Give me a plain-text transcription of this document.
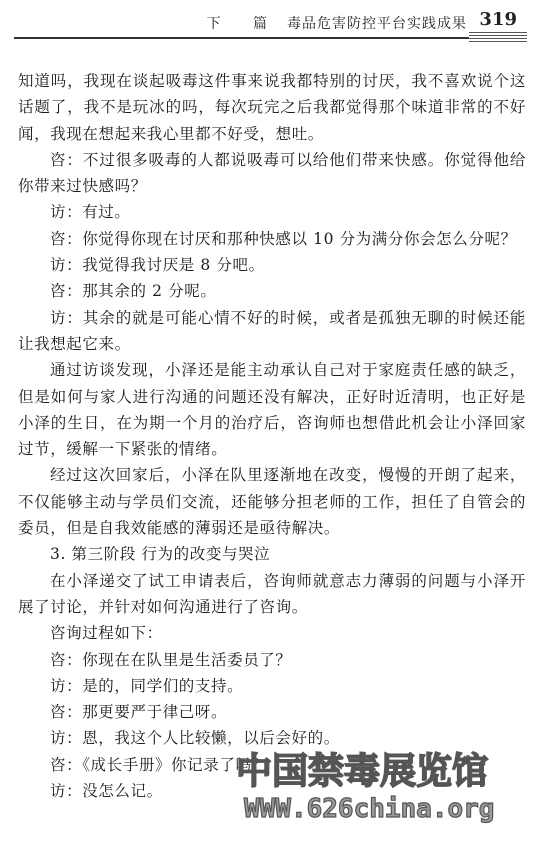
下 篇 毒品危害防控平台实践成果 319

知道吗，我现在谈起吸毒这件事来说我都特别的讨厌，我不喜欢说个这话题了，我不是玩冰的吗，每次玩完之后我都觉得那个味道非常的不好闻，我现在想起来我心里都不好受，想吐。

咨：不过很多吸毒的人都说吸毒可以给他们带来快感。你觉得他给你带来过快感吗？

访：有过。

咨：你觉得你现在讨厌和那种快感以 10 分为满分你会怎么分呢？

访：我觉得我讨厌是 8 分吧。

咨：那其余的 2 分呢。

访：其余的就是可能心情不好的时候，或者是孤独无聊的时候还能让我想起它来。

通过访谈发现，小泽还是能主动承认自己对于家庭责任感的缺乏，但是如何与家人进行沟通的问题还没有解决，正好时近清明，也正好是小泽的生日，在为期一个月的治疗后，咨询师也想借此机会让小泽回家过节，缓解一下紧张的情绪。

经过这次回家后，小泽在队里逐渐地在改变，慢慢的开朗了起来，不仅能够主动与学员们交流，还能够分担老师的工作，担任了自管会的委员，但是自我效能感的薄弱还是亟待解决。

3. 第三阶段 行为的改变与哭泣

在小泽递交了试工申请表后，咨询师就意志力薄弱的问题与小泽开展了讨论，并针对如何沟通进行了咨询。

咨询过程如下：

咨：你现在在队里是生活委员了？

访：是的，同学们的支持。

咨：那更要严于律己呀。

访：恩，我这个人比较懒，以后会好的。

咨：《成长手册》你记录了吗？

访：没怎么记。	中国禁毒展览馆
WWW.626china.org
